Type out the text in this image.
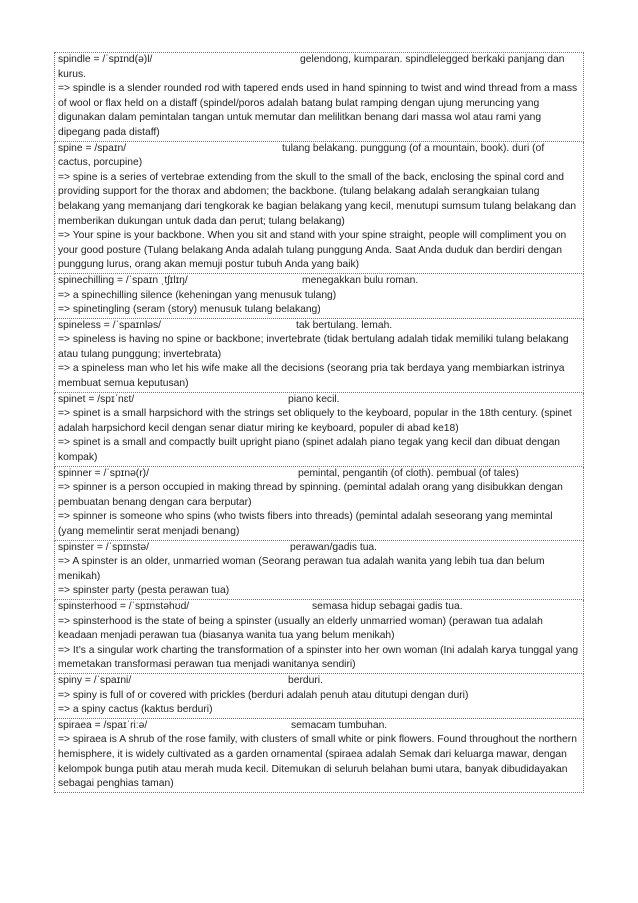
spindle = /ˈspɪnd(ə)l/	gelendong, kumparan. spindlelegged berkaki panjang dan

kurus.

=> spindle is a slender rounded rod with tapered ends used in hand spinning to twist and wind thread from a mass of wool or flax held on a distaff (spindel/poros adalah batang bulat ramping dengan ujung meruncing yang digunakan dalam pemintalan tangan untuk memutar dan melilitkan benang dari massa wol atau rami yang dipegang pada distaff)

spine = /spaɪn/	tulang belakang. punggung (of a mountain, book). duri (of

cactus, porcupine)

=> spine is a series of vertebrae extending from the skull to the small of the back, enclosing the spinal cord and providing support for the thorax and abdomen; the backbone. (tulang belakang adalah serangkaian tulang belakang yang memanjang dari tengkorak ke bagian belakang yang kecil, menutupi sumsum tulang belakang dan memberikan dukungan untuk dada dan perut; tulang belakang)

=> Your spine is your backbone. When you sit and stand with your spine straight, people will compliment you on your good posture (Tulang belakang Anda adalah tulang punggung Anda. Saat Anda duduk dan berdiri dengan punggung lurus, orang akan memuji postur tubuh Anda yang baik)

spinechilling = /ˈspaɪn ˌtʃɪlɪŋ/	menegakkan bulu roman.

=> a spinechilling silence (keheningan yang menusuk tulang)

=> spinetingling (seram (story) menusuk tulang belakang)

spineless = /ˈspaɪnləs/	tak bertulang. lemah.

=> spineless is having no spine or backbone; invertebrate (tidak bertulang adalah tidak memiliki tulang belakang atau tulang punggung; invertebrata)

=> a spineless man who let his wife make all the decisions (seorang pria tak berdaya yang membiarkan istrinya membuat semua keputusan)

spinet = /spɪˈnɛt/	piano kecil.

=> spinet is a small harpsichord with the strings set obliquely to the keyboard, popular in the 18th century. (spinet adalah harpsichord kecil dengan senar diatur miring ke keyboard, populer di abad ke18)

=> spinet is a small and compactly built upright piano (spinet adalah piano tegak yang kecil dan dibuat dengan kompak)

spinner = /ˈspɪnə(r)/	pemintal, pengantih (of cloth). pembual (of tales)

=> spinner is a person occupied in making thread by spinning. (pemintal adalah orang yang disibukkan dengan pembuatan benang dengan cara berputar)

=> spinner is someone who spins (who twists fibers into threads) (pemintal adalah seseorang yang memintal (yang memelintir serat menjadi benang)

spinster = /ˈspɪnstə/	perawan/gadis tua.

=> A spinster is an older, unmarried woman (Seorang perawan tua adalah wanita yang lebih tua dan belum menikah)

=> spinster party (pesta perawan tua)

spinsterhood = /ˈspɪnstəhʊd/	semasa hidup sebagai gadis tua.

=> spinsterhood is the state of being a spinster (usually an elderly unmarried woman) (perawan tua adalah keadaan menjadi perawan tua (biasanya wanita tua yang belum menikah)

=> It’s a singular work charting the transformation of a spinster into her own woman (Ini adalah karya tunggal yang memetakan transformasi perawan tua menjadi wanitanya sendiri)

spiny = /ˈspaɪni/	berduri.

=> spiny is full of or covered with prickles (berduri adalah penuh atau ditutupi dengan duri)

=> a spiny cactus (kaktus berduri)

spiraea = /spaɪˈriːə/	semacam tumbuhan.

=> spiraea is A shrub of the rose family, with clusters of small white or pink flowers. Found throughout the northern hemisphere, it is widely cultivated as a garden ornamental (spiraea adalah Semak dari keluarga mawar, dengan kelompok bunga putih atau merah muda kecil. Ditemukan di seluruh belahan bumi utara, banyak dibudidayakan sebagai penghias taman)
